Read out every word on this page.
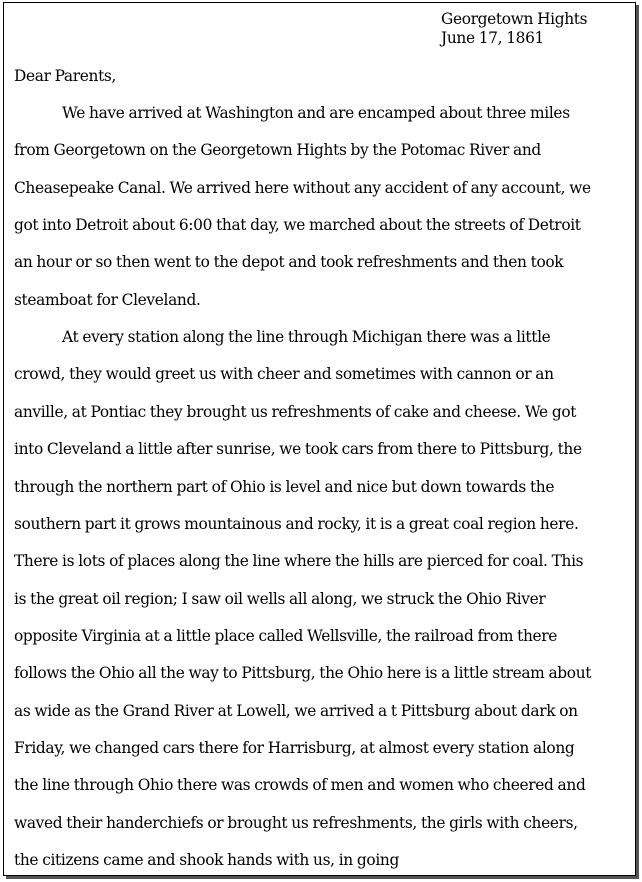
Georgetown Hights
June 17, 1861
Dear Parents,
We have arrived at Washington and are encamped about three miles
from Georgetown on the Georgetown Hights by the Potomac River and
Cheasepeake Canal. We arrived here without any accident of any account, we
got into Detroit about 6:00 that day, we marched about the streets of Detroit
an hour or so then went to the depot and took refreshments and then took
steamboat for Cleveland.
At every station along the line through Michigan there was a little
crowd, they would greet us with cheer and sometimes with cannon or an
anville, at Pontiac they brought us refreshments of cake and cheese. We got
into Cleveland a little after sunrise, we took cars from there to Pittsburg, the
through the northern part of Ohio is level and nice but down towards the
southern part it grows mountainous and rocky, it is a great coal region here.
There is lots of places along the line where the hills are pierced for coal. This
is the great oil region; I saw oil wells all along, we struck the Ohio River
opposite Virginia at a little place called Wellsville, the railroad from there
follows the Ohio all the way to Pittsburg, the Ohio here is a little stream about
as wide as the Grand River at Lowell, we arrived a t Pittsburg about dark on
Friday, we changed cars there for Harrisburg, at almost every station along
the line through Ohio there was crowds of men and women who cheered and
waved their handerchiefs or brought us refreshments, the girls with cheers,
the citizens came and shook hands with us, in going
